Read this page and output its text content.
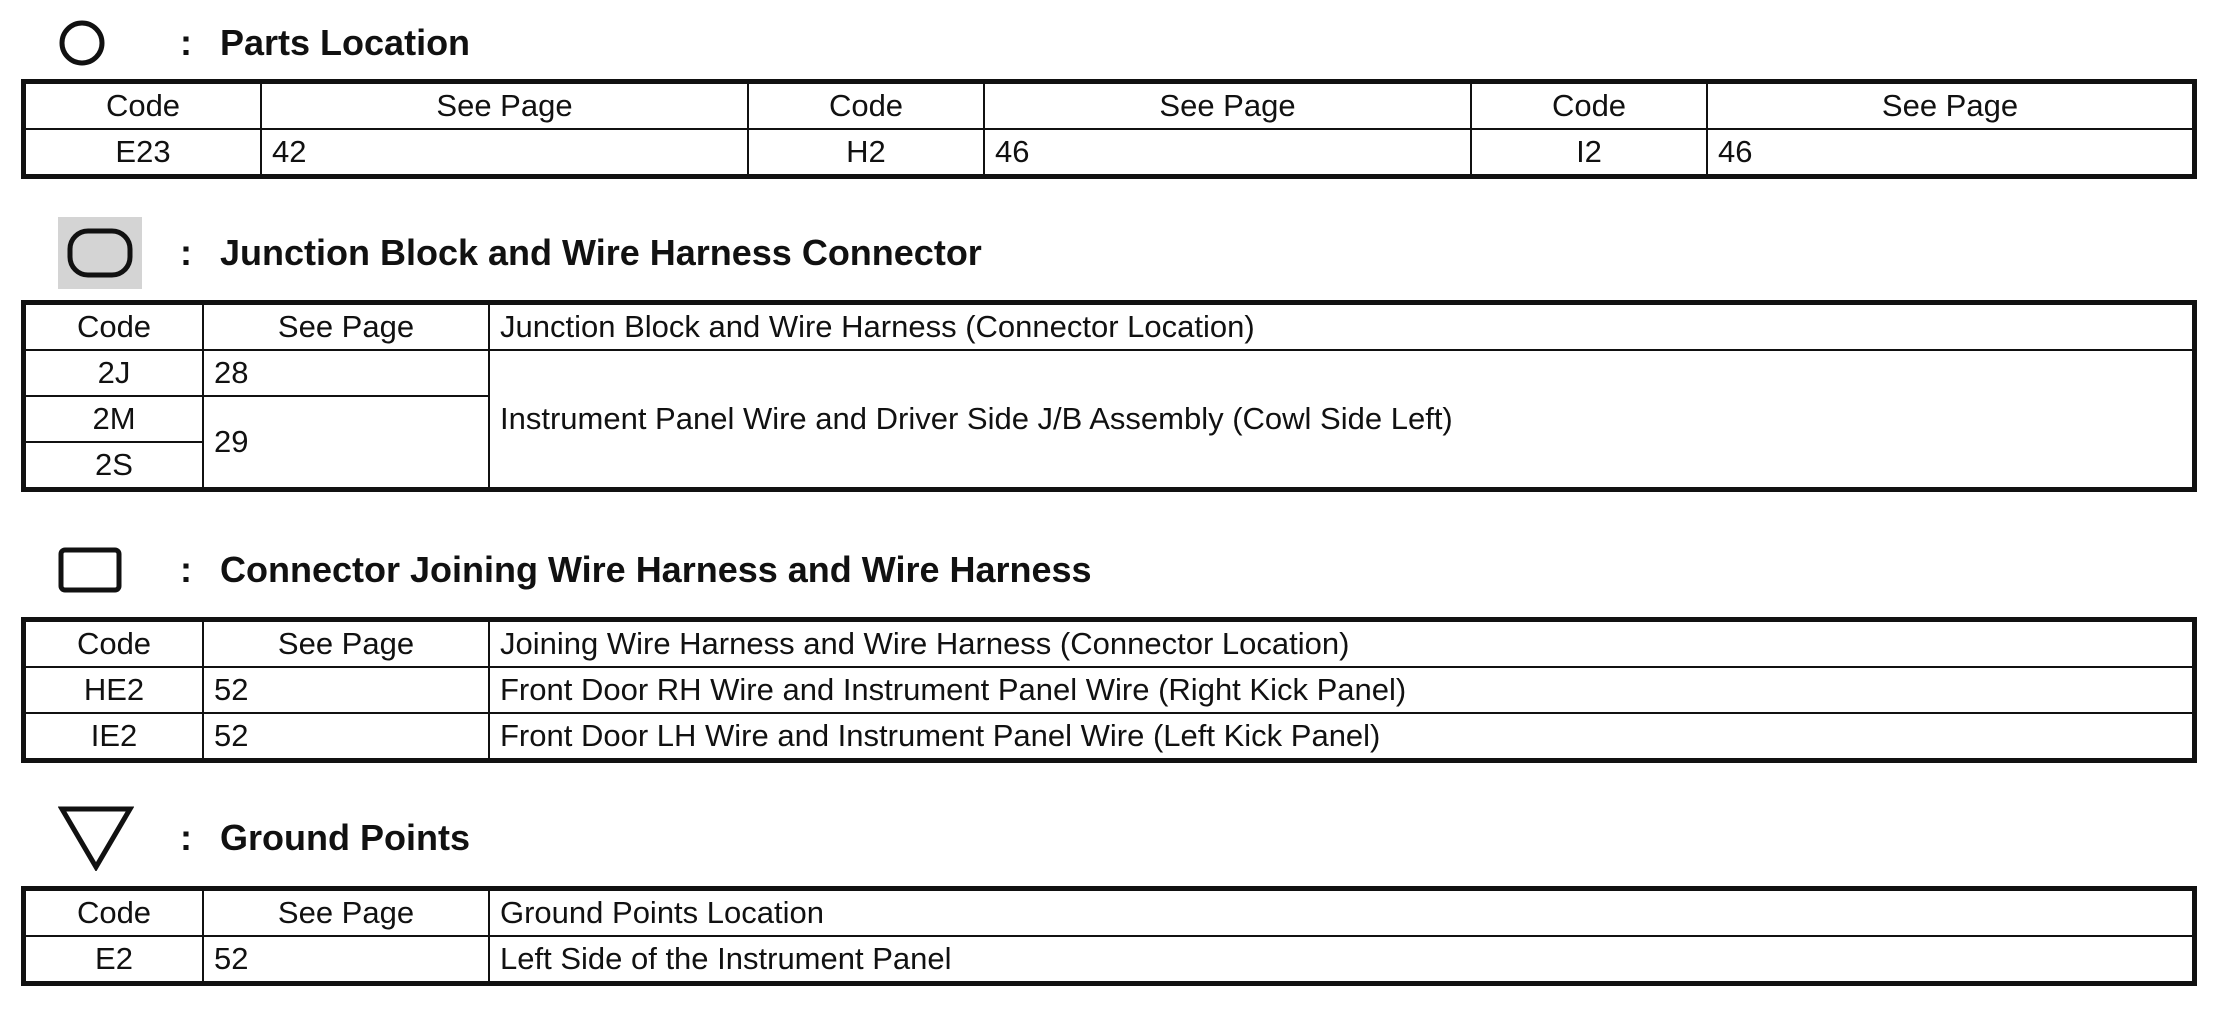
: Parts Location
Code	See Page	Code	See Page	Code	See Page
E23	42	H2	46	I2	46
: Junction Block and Wire Harness Connector
Code	See Page	Junction Block and Wire Harness (Connector Location)
2J	28	Instrument Panel Wire and Driver Side J/B Assembly (Cowl Side Left)
2M	29	
2S		
: Connector Joining Wire Harness and Wire Harness
Code	See Page	Joining Wire Harness and Wire Harness (Connector Location)
HE2	52	Front Door RH Wire and Instrument Panel Wire (Right Kick Panel)
IE2	52	Front Door LH Wire and Instrument Panel Wire (Left Kick Panel)
: Ground Points
Code	See Page	Ground Points Location
E2	52	Left Side of the Instrument Panel
